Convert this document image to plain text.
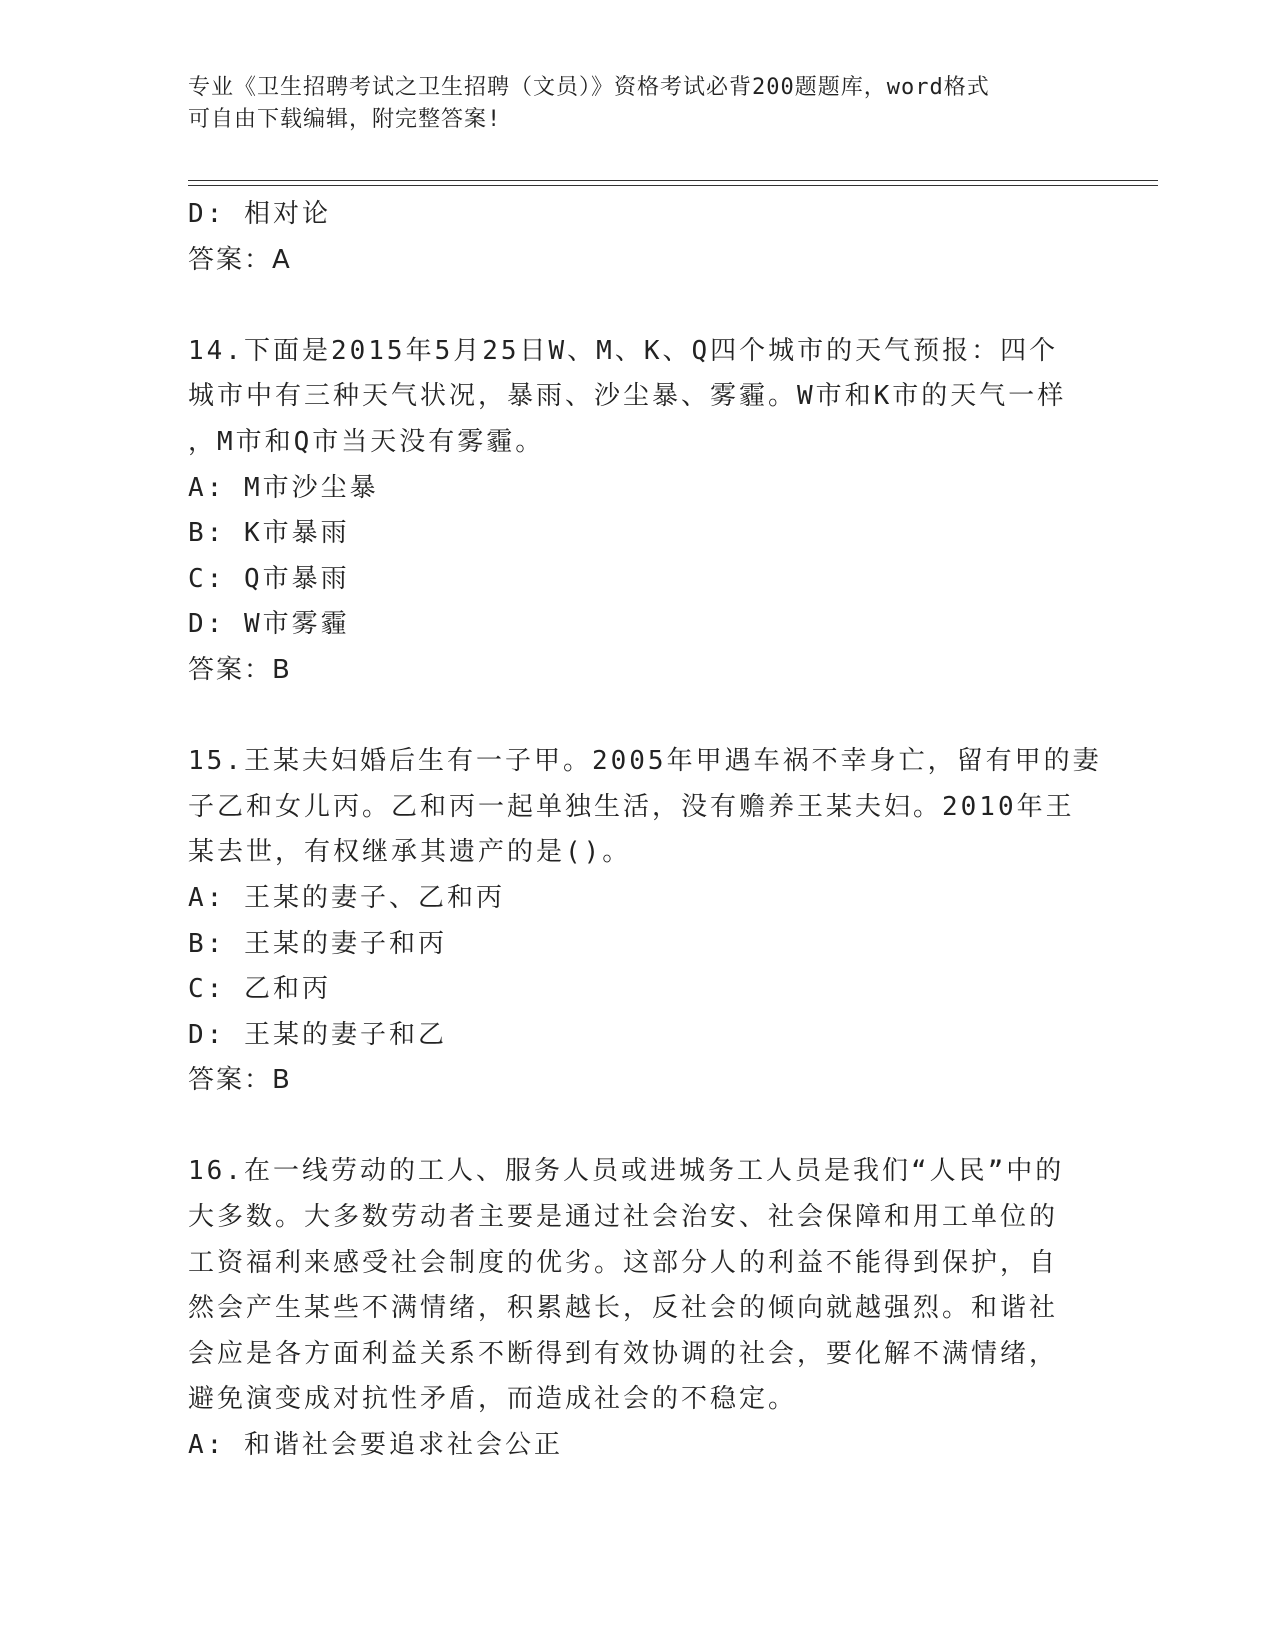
专业《卫生招聘考试之卫生招聘（文员）》资格考试必背200题题库，word格式
可自由下载编辑，附完整答案!
D: 相对论
答案：A
14.下面是2015年5月25日W、M、K、Q四个城市的天气预报：四个
城市中有三种天气状况，暴雨、沙尘暴、雾霾。W市和K市的天气一样
，M市和Q市当天没有雾霾。
A: M市沙尘暴
B: K市暴雨
C: Q市暴雨
D: W市雾霾
答案：B
15.王某夫妇婚后生有一子甲。2005年甲遇车祸不幸身亡，留有甲的妻
子乙和女儿丙。乙和丙一起单独生活，没有赡养王某夫妇。2010年王
某去世，有权继承其遗产的是()。
A: 王某的妻子、乙和丙
B: 王某的妻子和丙
C: 乙和丙
D: 王某的妻子和乙
答案：B
16.在一线劳动的工人、服务人员或进城务工人员是我们“人民”中的
大多数。大多数劳动者主要是通过社会治安、社会保障和用工单位的
工资福利来感受社会制度的优劣。这部分人的利益不能得到保护，自
然会产生某些不满情绪，积累越长，反社会的倾向就越强烈。和谐社
会应是各方面利益关系不断得到有效协调的社会，要化解不满情绪，
避免演变成对抗性矛盾，而造成社会的不稳定。
A: 和谐社会要追求社会公正
